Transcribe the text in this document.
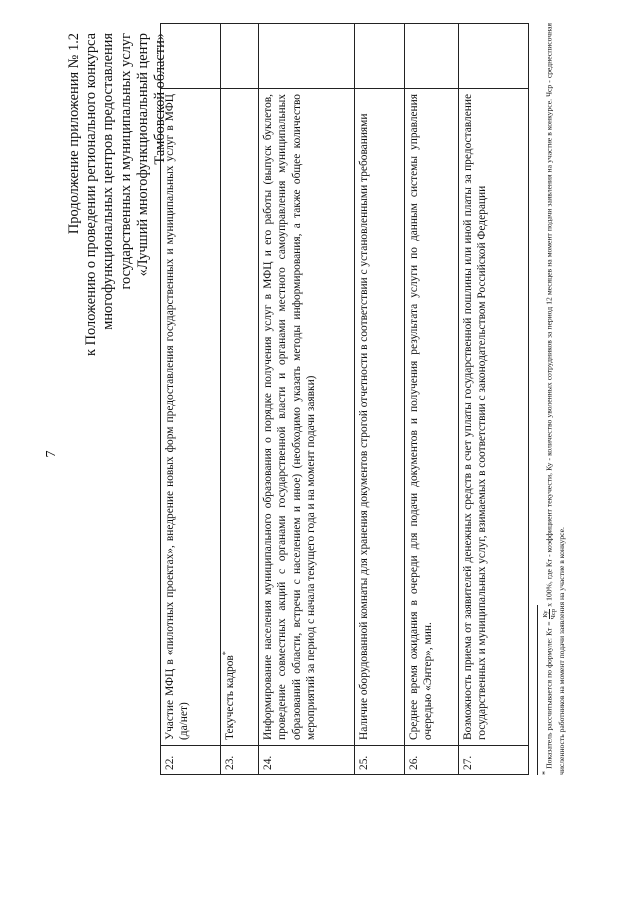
7
Продолжение приложения № 1.2 к Положению о проведении регионального конкурса многофункциональных центров предоставления государственных и муниципальных услуг «Лучший многофункциональный центр Тамбовской области»
22.	Участие МФЦ в «пилотных проектах», внедрение новых форм предоставления государственных и муниципальных услуг в МФЦ (да/нет)	
23.	Текучесть кадров*	
24.	Информирование населения муниципального образования о порядке получения услуг в МФЦ и его работы (выпуск буклетов, проведение совместных акций с органами государственной власти и органами местного самоуправления муниципальных образований области, встречи с населением и иное) (необходимо указать методы информирования, а также общее количество мероприятий за период с начала текущего года и на момент подачи заявки)	
25.	Наличие оборудованной комнаты для хранения документов строгой отчетности в соответствии с установленными требованиями	
26.	Среднее время ожидания в очереди для подачи документов и получения результата услуги по данным системы управления очередью «Энтер», мин.	
27.	Возможность приема от заявителей денежных средств в счет уплаты государственной пошлины или иной платы за предоставление государственных и муниципальных услуг, взимаемых в соответствии с законодательством Российской Федерации	
* Показатель рассчитывается по формуле: Кт =
Ку Чср
х 100%, где Кт - коэффициент текучести, Ку - количество уволенных сотрудников за период 12 месяцев на момент подачи заявления на участие в конкурсе. Чср - среднесписочная численность работников на момент подачи заявления на участие в конкурсе.
